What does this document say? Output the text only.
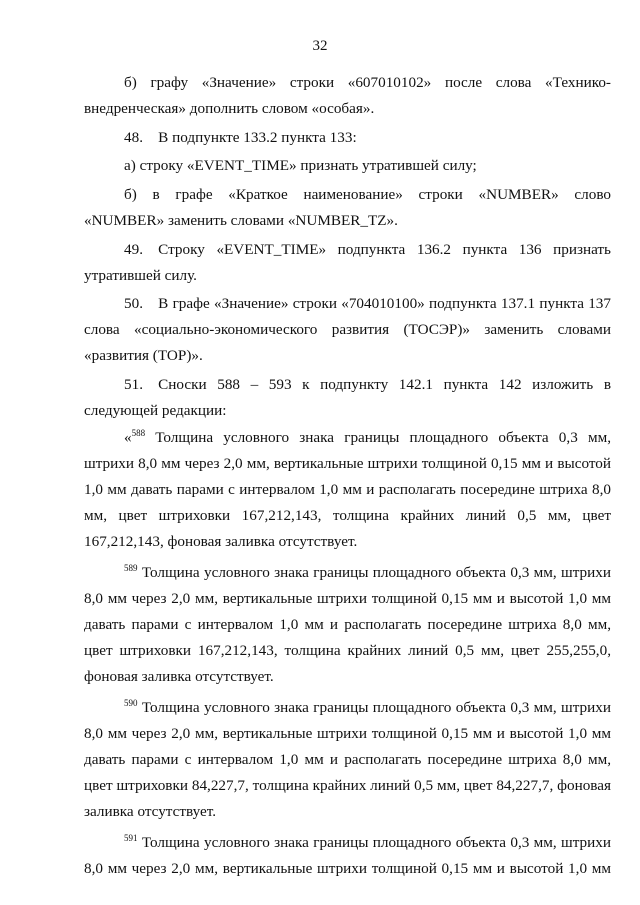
32

б) графу «Значение» строки «607010102» после слова «Технико-внедренческая» дополнить словом «особая».

48. В подпункте 133.2 пункта 133:

а) строку «EVENT_TIME» признать утратившей силу;

б) в графе «Краткое наименование» строки «NUMBER» слово «NUMBER» заменить словами «NUMBER_TZ».

49. Строку «EVENT_TIME» подпункта 136.2 пункта 136 признать утратившей силу.

50. В графе «Значение» строки «704010100» подпункта 137.1 пункта 137 слова «социально-экономического развития (ТОСЭР)» заменить словами «развития (ТОР)».

51. Сноски 588 – 593 к подпункту 142.1 пункта 142 изложить в следующей редакции:

«$^{588}$ Толщина условного знака границы площадного объекта 0,3 мм, штрихи 8,0 мм через 2,0 мм, вертикальные штрихи толщиной 0,15 мм и высотой 1,0 мм давать парами с интервалом 1,0 мм и располагать посередине штриха 8,0 мм, цвет штриховки 167,212,143, толщина крайних линий 0,5 мм, цвет 167,212,143, фоновая заливка отсутствует.

$^{589}$ Толщина условного знака границы площадного объекта 0,3 мм, штрихи 8,0 мм через 2,0 мм, вертикальные штрихи толщиной 0,15 мм и высотой 1,0 мм давать парами с интервалом 1,0 мм и располагать посередине штриха 8,0 мм, цвет штриховки 167,212,143, толщина крайних линий 0,5 мм, цвет 255,255,0, фоновая заливка отсутствует.

$^{590}$ Толщина условного знака границы площадного объекта 0,3 мм, штрихи 8,0 мм через 2,0 мм, вертикальные штрихи толщиной 0,15 мм и высотой 1,0 мм давать парами с интервалом 1,0 мм и располагать посередине штриха 8,0 мм, цвет штриховки 84,227,7, толщина крайних линий 0,5 мм, цвет 84,227,7, фоновая заливка отсутствует.

$^{591}$ Толщина условного знака границы площадного объекта 0,3 мм, штрихи 8,0 мм через 2,0 мм, вертикальные штрихи толщиной 0,15 мм и высотой 1,0 мм
